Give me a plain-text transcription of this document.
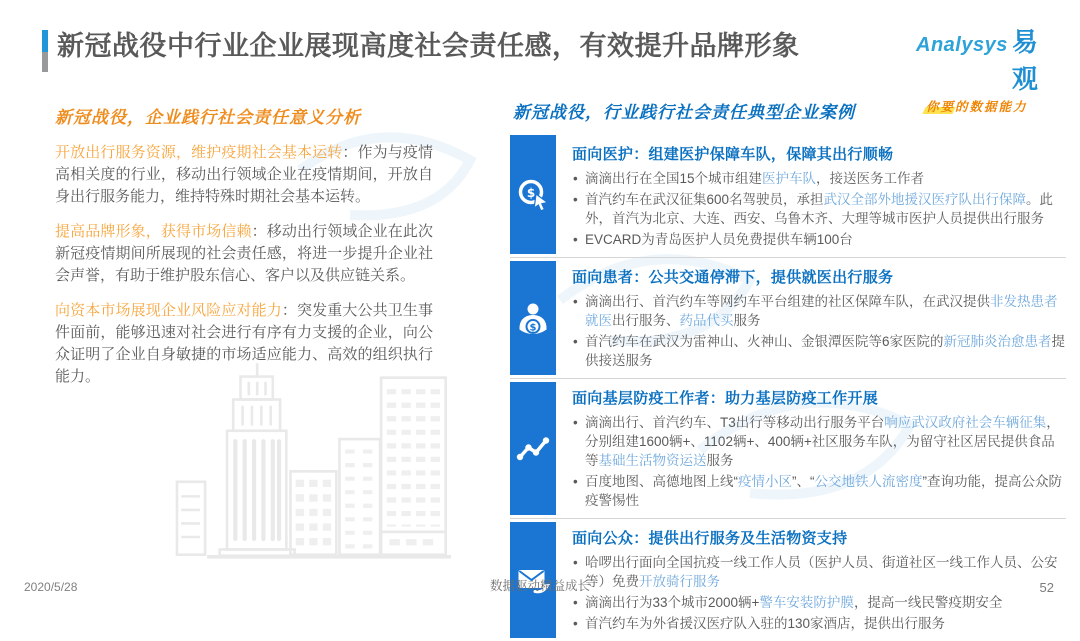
新冠战役中行业企业展现高度社会责任感，有效提升品牌形象	Analysys 易观
你要的数据能力
新冠战役，企业践行社会责任意义分析

开放出行服务资源，维护疫期社会基本运转：作为与疫情高相关度的行业，移动出行领域企业在疫情期间，开放自身出行服务能力，维持特殊时期社会基本运转。

提高品牌形象，获得市场信赖：移动出行领域企业在此次新冠疫情期间所展现的社会责任感，将进一步提升企业社会声誉，有助于维护股东信心、客户以及供应链关系。

向资本市场展现企业风险应对能力：突发重大公共卫生事件面前，能够迅速对社会进行有序有力支援的企业，向公众证明了企业自身敏捷的市场适应能力、高效的组织执行能力。

新冠战役，行业践行社会责任典型企业案例
$
面向医护：组建医护保障车队，保障其出行顺畅
• 滴滴出行在全国15个城市组建医护车队，接送医务工作者
• 首汽约车在武汉征集600名驾驶员，承担武汉全部外地援汉医疗队出行保障。此外，首汽为北京、大连、西安、乌鲁木齐、大理等城市医护人员提供出行服务
• EVCARD为青岛医护人员免费提供车辆100台
$
面向患者：公共交通停滞下，提供就医出行服务
• 滴滴出行、首汽约车等网约车平台组建的社区保障车队，在武汉提供非发热患者就医出行服务、药品代买服务
• 首汽约车在武汉为雷神山、火神山、金银潭医院等6家医院的新冠肺炎治愈患者提供接送服务
面向基层防疫工作者：助力基层防疫工作开展
• 滴滴出行、首汽约车、T3出行等移动出行服务平台响应武汉政府社会车辆征集，分别组建1600辆+、1102辆+、400辆+社区服务车队，为留守社区居民提供食品等基础生活物资运送服务
• 百度地图、高德地图上线“疫情小区”、“公交地铁人流密度”查询功能，提高公众防疫警惕性
面向公众：提供出行服务及生活物资支持
• 哈啰出行面向全国抗疫一线工作人员（医护人员、街道社区一线工作人员、公安等）免费开放骑行服务
• 滴滴出行为33个城市2000辆+警车安装防护膜，提高一线民警疫期安全
• 首汽约车为外省援汉医疗队入驻的130家酒店，提供出行服务
2020/5/28	数据驱动精益成长	52
